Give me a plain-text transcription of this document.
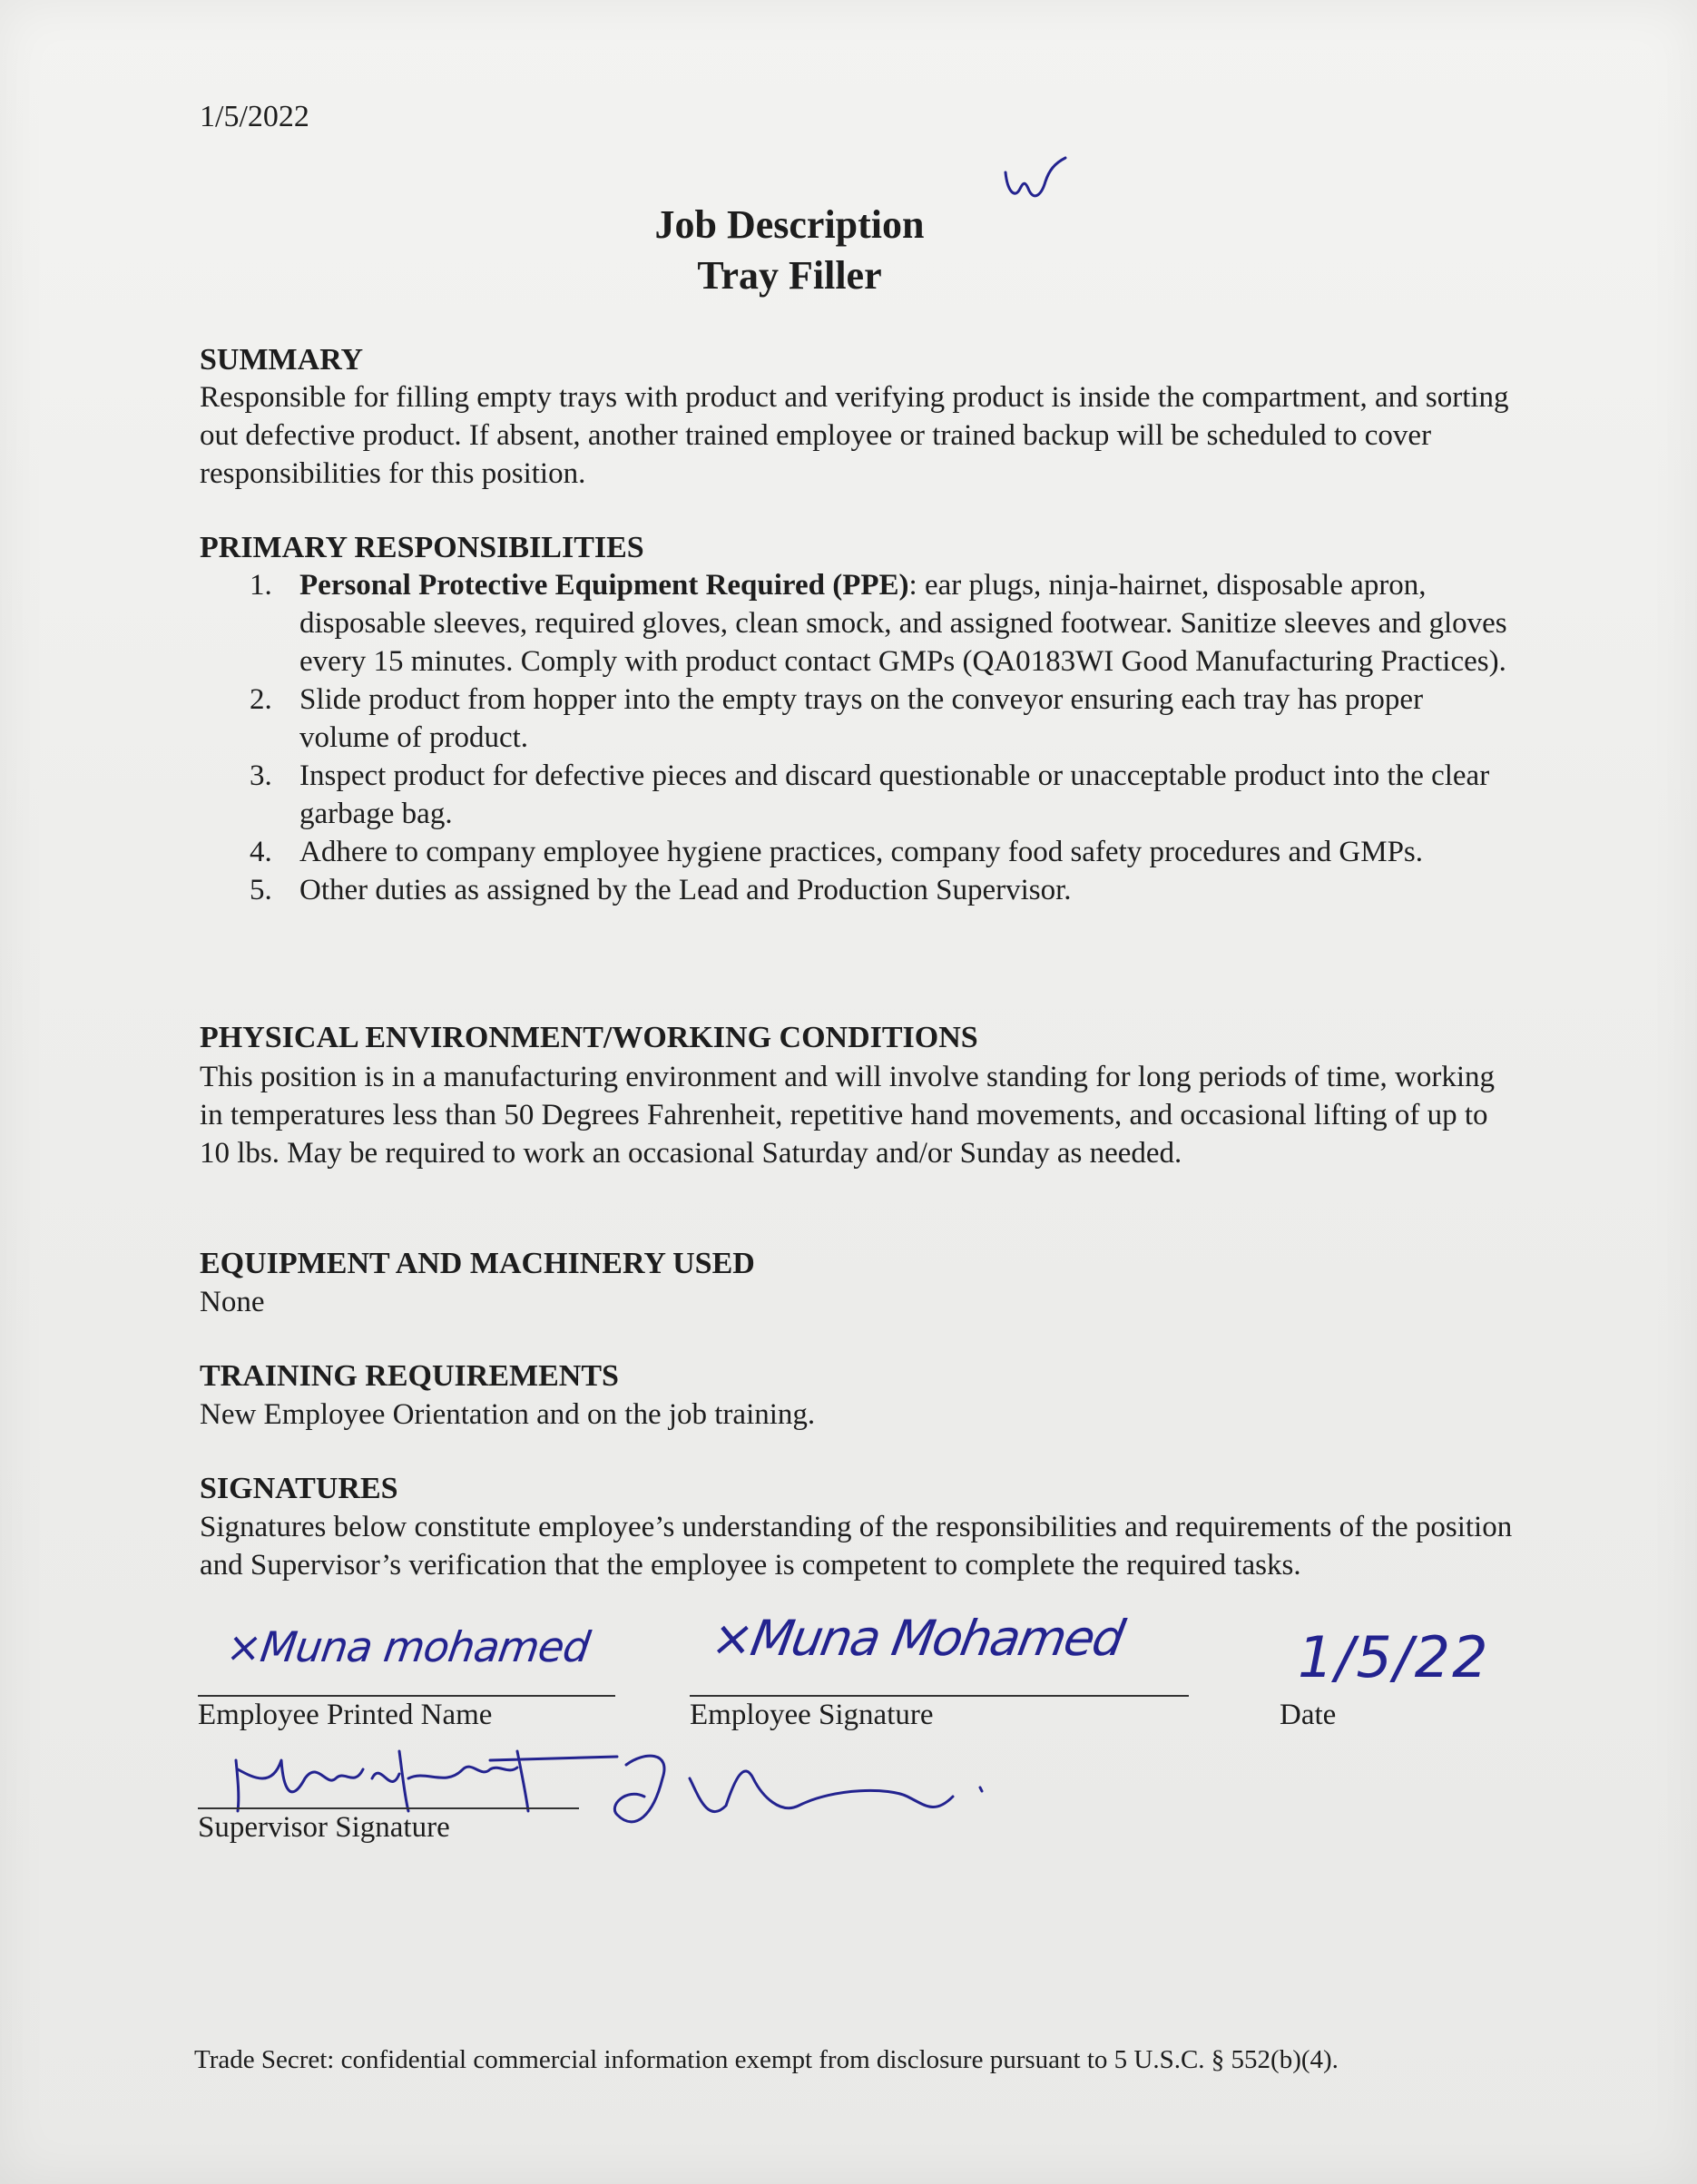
1/5/2022
Job Description
Tray Filler
SUMMARY
Responsible for filling empty trays with product and verifying product is inside the compartment, and sorting out defective product. If absent, another trained employee or trained backup will be scheduled to cover responsibilities for this position.
PRIMARY RESPONSIBILITIES

1. Personal Protective Equipment Required (PPE): ear plugs, ninja-hairnet, disposable apron, disposable sleeves, required gloves, clean smock, and assigned footwear. Sanitize sleeves and gloves every 15 minutes. Comply with product contact GMPs (QA0183WI Good Manufacturing Practices).

2. Slide product from hopper into the empty trays on the conveyor ensuring each tray has proper volume of product.

3. Inspect product for defective pieces and discard questionable or unacceptable product into the clear garbage bag.

4. Adhere to company employee hygiene practices, company food safety procedures and GMPs.

5. Other duties as assigned by the Lead and Production Supervisor.

PHYSICAL ENVIRONMENT/WORKING CONDITIONS
This position is in a manufacturing environment and will involve standing for long periods of time, working in temperatures less than 50 Degrees Fahrenheit, repetitive hand movements, and occasional lifting of up to 10 lbs. May be required to work an occasional Saturday and/or Sunday as needed.
EQUIPMENT AND MACHINERY USED
None
TRAINING REQUIREMENTS
New Employee Orientation and on the job training.
SIGNATURES
Signatures below constitute employee’s understanding of the responsibilities and requirements of the position and Supervisor’s verification that the employee is competent to complete the required tasks.
×Muna mohamed
Employee Printed Name
×Muna Mohamed
Employee Signature
1/5/22
Date
Supervisor Signature
Trade Secret: confidential commercial information exempt from disclosure pursuant to 5 U.S.C. § 552(b)(4).
